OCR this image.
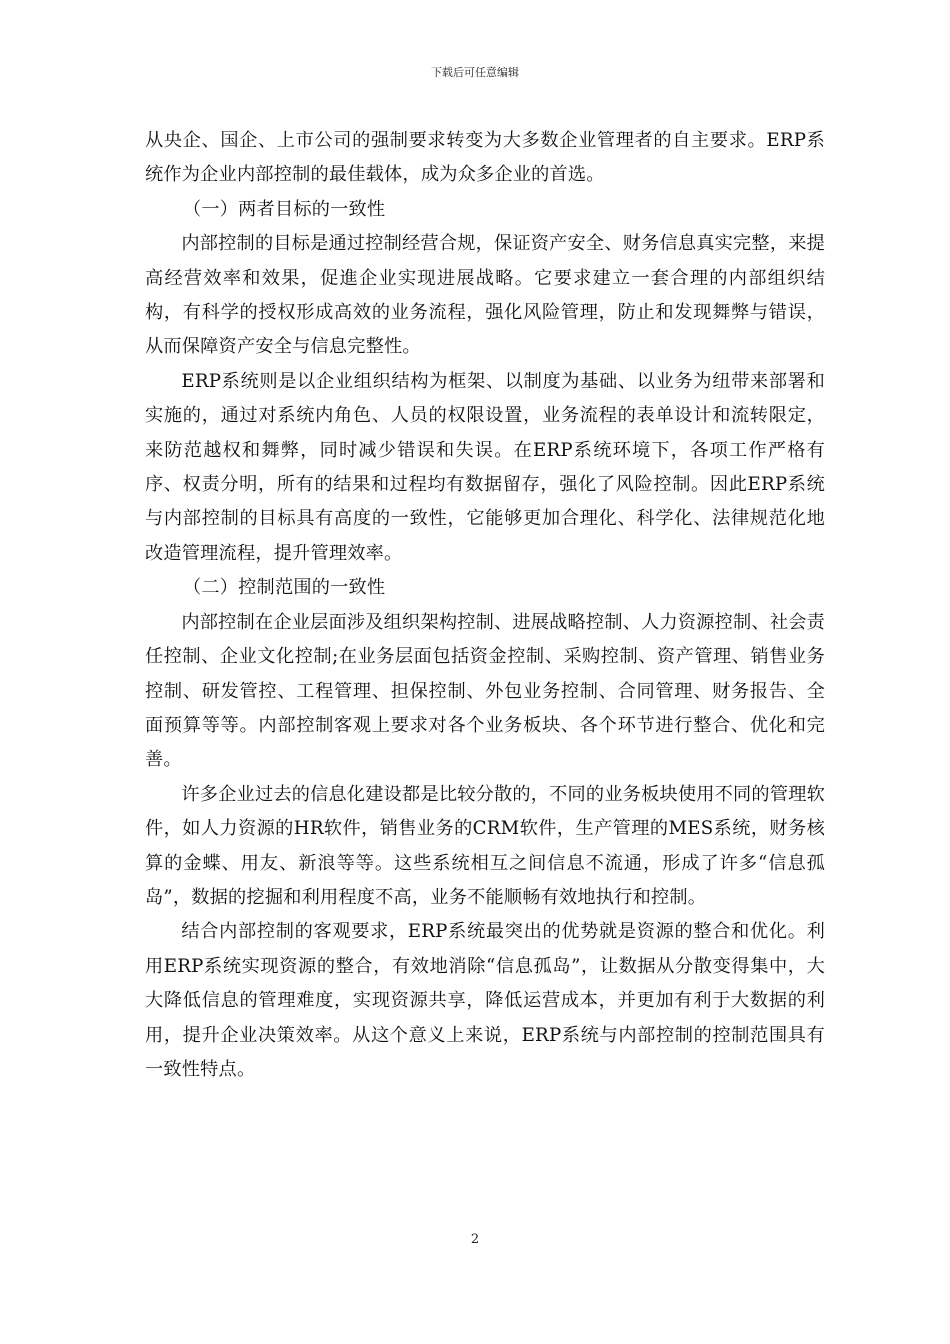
下载后可任意编辑

从央企、国企、上市公司的强制要求转变为大多数企业管理者的自主要求。ERP系统作为企业内部控制的最佳载体，成为众多企业的首选。

（一）两者目标的一致性

内部控制的目标是通过控制经营合规，保证资产安全、财务信息真实完整，来提高经营效率和效果，促進企业实现进展战略。它要求建立一套合理的内部组织结构，有科学的授权形成高效的业务流程，强化风险管理，防止和发现舞弊与错误，从而保障资产安全与信息完整性。

ERP系统则是以企业组织结构为框架、以制度为基础、以业务为纽带来部署和实施的，通过对系统内角色、人员的权限设置，业务流程的表单设计和流转限定，来防范越权和舞弊，同时减少错误和失误。在ERP系统环境下，各项工作严格有序、权责分明，所有的结果和过程均有数据留存，强化了风险控制。因此ERP系统与内部控制的目标具有高度的一致性，它能够更加合理化、科学化、法律规范化地改造管理流程，提升管理效率。

（二）控制范围的一致性

内部控制在企业层面涉及组织架构控制、进展战略控制、人力资源控制、社会责任控制、企业文化控制;在业务层面包括资金控制、采购控制、资产管理、销售业务控制、研发管控、工程管理、担保控制、外包业务控制、合同管理、财务报告、全面预算等等。内部控制客观上要求对各个业务板块、各个环节进行整合、优化和完善。

许多企业过去的信息化建设都是比较分散的，不同的业务板块使用不同的管理软件，如人力资源的HR软件，销售业务的CRM软件，生产管理的MES系统，财务核算的金蝶、用友、新浪等等。这些系统相互之间信息不流通，形成了许多“信息孤岛”，数据的挖掘和利用程度不高，业务不能顺畅有效地执行和控制。

结合内部控制的客观要求，ERP系统最突出的优势就是资源的整合和优化。利用ERP系统实现资源的整合，有效地消除“信息孤岛”，让数据从分散变得集中，大大降低信息的管理难度，实现资源共享，降低运营成本，并更加有利于大数据的利用，提升企业决策效率。从这个意义上来说，ERP系统与内部控制的控制范围具有一致性特点。

2
